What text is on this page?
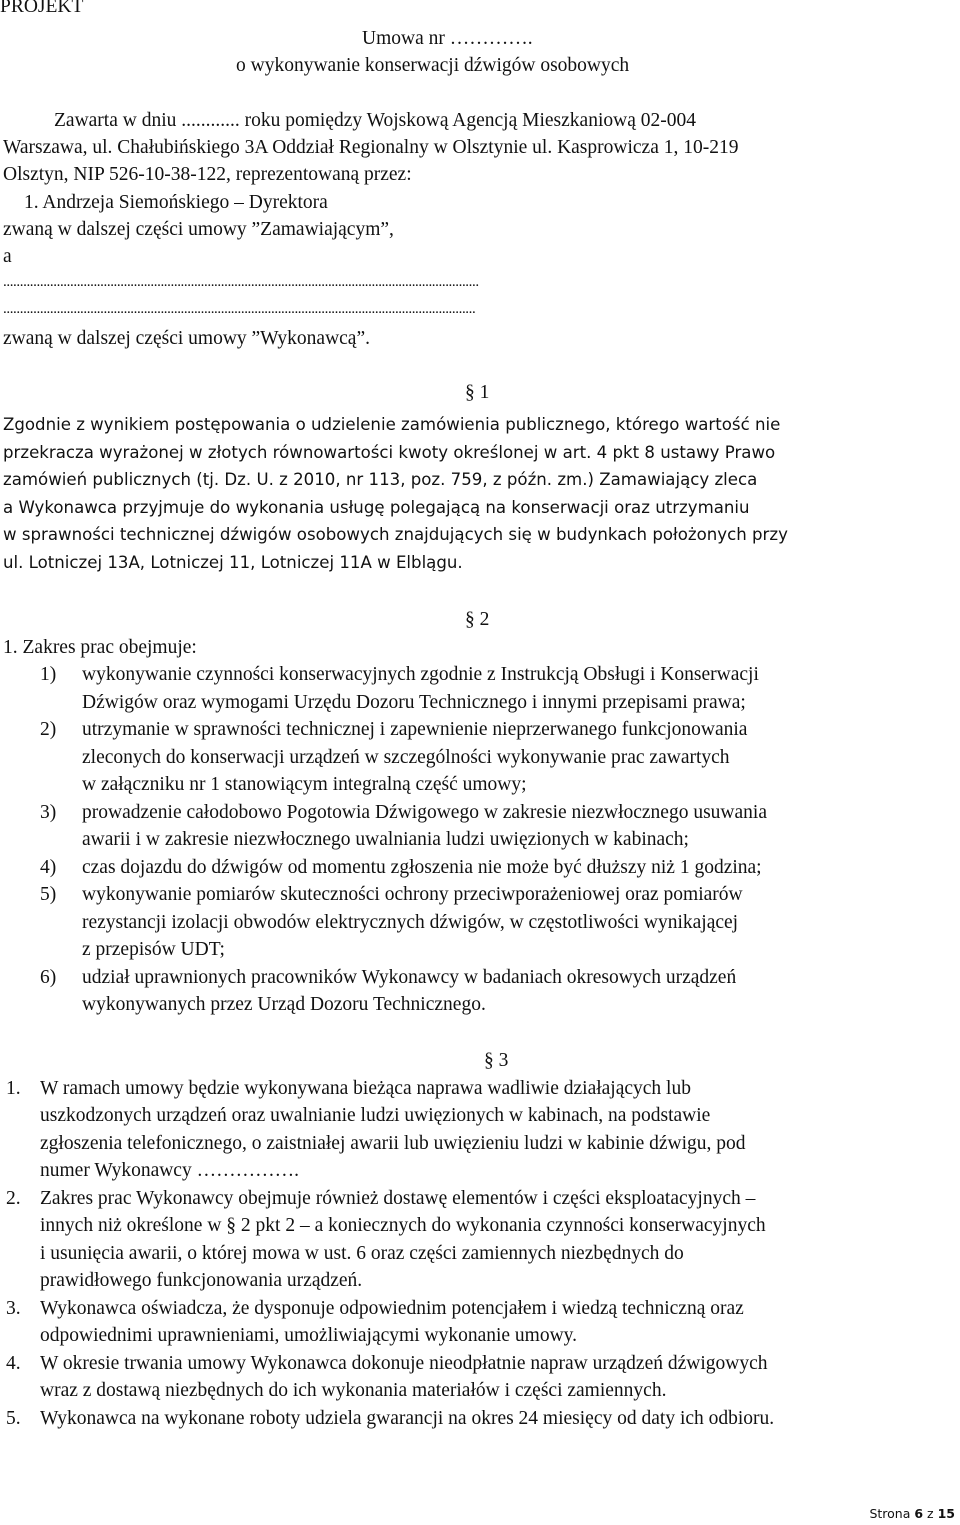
PROJEKT
Umowa nr ………….
o wykonywanie konserwacji dźwigów osobowych
Zawarta w dniu ............ roku pomiędzy Wojskową Agencją Mieszkaniową 02-004
Warszawa, ul. Chałubińskiego 3A Oddział Regionalny w Olsztynie ul. Kasprowicza 1, 10-219
Olsztyn, NIP 526-10-38-122, reprezentowaną przez:
1. Andrzeja Siemońskiego – Dyrektora
zwaną w dalszej części umowy ”Zamawiającym”,
a
..............................................................................................................................................
.............................................................................................................................................
zwaną w dalszej części umowy ”Wykonawcą”.
§ 1
Zgodnie z wynikiem postępowania o udzielenie zamówienia publicznego, którego wartość nie
przekracza wyrażonej w złotych równowartości kwoty określonej w art. 4 pkt 8 ustawy Prawo
zamówień publicznych (tj. Dz. U. z 2010, nr 113, poz. 759, z późn. zm.) Zamawiający zleca
a Wykonawca przyjmuje do wykonania usługę polegającą na konserwacji oraz utrzymaniu
w sprawności technicznej dźwigów osobowych znajdujących się w budynkach położonych przy
ul. Lotniczej 13A, Lotniczej 11, Lotniczej 11A w Elblągu.
§ 2
1. Zakres prac obejmuje:
1) wykonywanie czynności konserwacyjnych zgodnie z Instrukcją Obsługi i Konserwacji
Dźwigów oraz wymogami Urzędu Dozoru Technicznego i innymi przepisami prawa;
2) utrzymanie w sprawności technicznej i zapewnienie nieprzerwanego funkcjonowania
zleconych do konserwacji urządzeń w szczególności wykonywanie prac zawartych
w załączniku nr 1 stanowiącym integralną część umowy;
3) prowadzenie całodobowo Pogotowia Dźwigowego w zakresie niezwłocznego usuwania
awarii i w zakresie niezwłocznego uwalniania ludzi uwięzionych w kabinach;
4) czas dojazdu do dźwigów od momentu zgłoszenia nie może być dłuższy niż 1 godzina;
5) wykonywanie pomiarów skuteczności ochrony przeciwporażeniowej oraz pomiarów
rezystancji izolacji obwodów elektrycznych dźwigów, w częstotliwości wynikającej
z przepisów UDT;
6) udział uprawnionych pracowników Wykonawcy w badaniach okresowych urządzeń
wykonywanych przez Urząd Dozoru Technicznego.
§ 3
1. W ramach umowy będzie wykonywana bieżąca naprawa wadliwie działających lub
uszkodzonych urządzeń oraz uwalnianie ludzi uwięzionych w kabinach, na podstawie
zgłoszenia telefonicznego, o zaistniałej awarii lub uwięzieniu ludzi w kabinie dźwigu, pod
numer Wykonawcy …………….
2. Zakres prac Wykonawcy obejmuje również dostawę elementów i części eksploatacyjnych –
innych niż określone w § 2 pkt 2 – a koniecznych do wykonania czynności konserwacyjnych
i usunięcia awarii, o której mowa w ust. 6 oraz części zamiennych niezbędnych do
prawidłowego funkcjonowania urządzeń.
3. Wykonawca oświadcza, że dysponuje odpowiednim potencjałem i wiedzą techniczną oraz
odpowiednimi uprawnieniami, umożliwiającymi wykonanie umowy.
4. W okresie trwania umowy Wykonawca dokonuje nieodpłatnie napraw urządzeń dźwigowych
wraz z dostawą niezbędnych do ich wykonania materiałów i części zamiennych.
5. Wykonawca na wykonane roboty udziela gwarancji na okres 24 miesięcy od daty ich odbioru.
Strona 6 z 15
